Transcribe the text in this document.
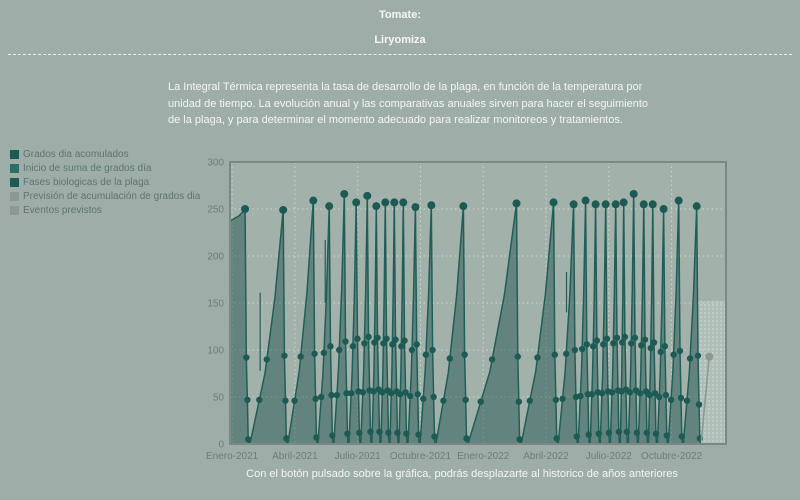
Tomate:
Liryomiza

La Integral Térmica representa la tasa de desarrollo de la plaga, en función de la temperatura por unidad de tiempo. La evolución anual y las comparativas anuales sirven para hacer el seguimiento de la plaga, y para determinar el momento adecuado para realizar monitoreos y tratamientos.

Grados dia acomulados
Inicio de suma de grados día
Fases biologicas de la plaga
Previsión de acumulación de grados dia
Eventos previstos
0
50
100
150
200
250
300
Enero-2021 Abril-2021 Julio-2021 Octubre-2021 Enero-2022 Abril-2022 Julio-2022 Octubre-2022
Con el botón pulsado sobre la gráfica, podrás desplazarte al historico de años anteriores
